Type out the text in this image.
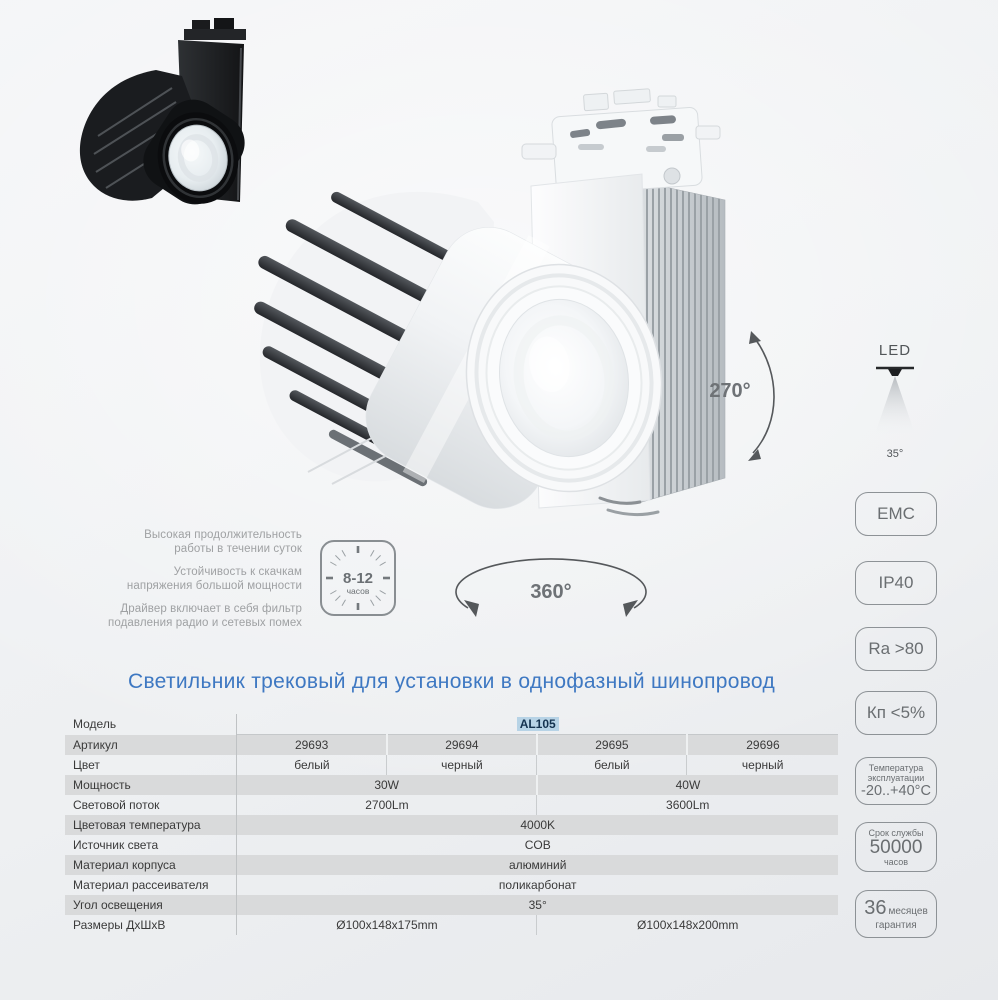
270°
LED
35°

Высокая продолжительность
работы в течении суток

Устойчивость к скачкам
напряжения большой мощности

Драйвер включает в себя фильтр
подавления радио и сетевых помех

8-12
часов	360°
EMC
IP40
Ra >80
Кп <5%
Температура
эксплуатации
-20..+40°C
Срок службы
50000
часов
36 месяцев
гарантия
Светильник трековый для установки в однофазный шинопровод
Модель	AL105			
Артикул	29693	29694	29695	29696
Цвет	белый	черный	белый	черный
Мощность	30W		40W	
Световой поток	2700Lm		3600Lm	
Цветовая температура	4000K			
Источник света	COB			
Материал корпуса	алюминий			
Материал рассеивателя	поликарбонат			
Угол освещения	35°			
Размеры ДхШхВ	Ø100x148x175mm		Ø100x148x200mm	
